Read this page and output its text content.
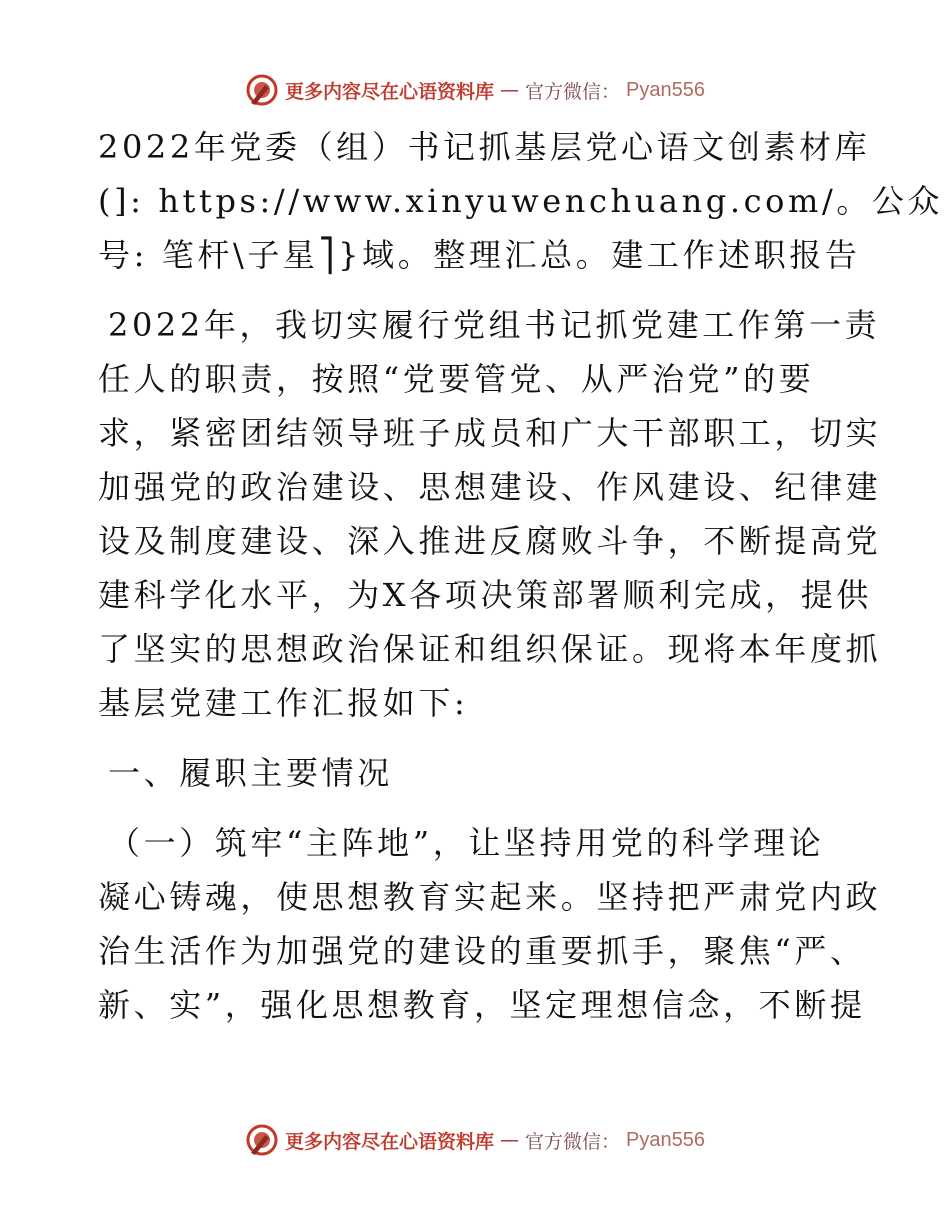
更多内容尽在心语资料库 — 官方微信： Pyan556
2022年党委（组）书记抓基层党心语文创素材库
(]: https://www.xinyuwenchuang.com/。公众
号: 笔杆\子星⎤}域。整理汇总。建工作述职报告
2022年，我切实履行党组书记抓党建工作第一责
任人的职责，按照“党要管党、从严治党”的要
求，紧密团结领导班子成员和广大干部职工，切实
加强党的政治建设、思想建设、作风建设、纪律建
设及制度建设、深入推进反腐败斗争，不断提高党
建科学化水平，为X各项决策部署顺利完成，提供
了坚实的思想政治保证和组织保证。现将本年度抓
基层党建工作汇报如下:
一、履职主要情况
（一）筑牢“主阵地”，让坚持用党的科学理论
凝心铸魂，使思想教育实起来。坚持把严肃党内政
治生活作为加强党的建设的重要抓手，聚焦“严、
新、实”，强化思想教育，坚定理想信念，不断提
更多内容尽在心语资料库 — 官方微信： Pyan556
